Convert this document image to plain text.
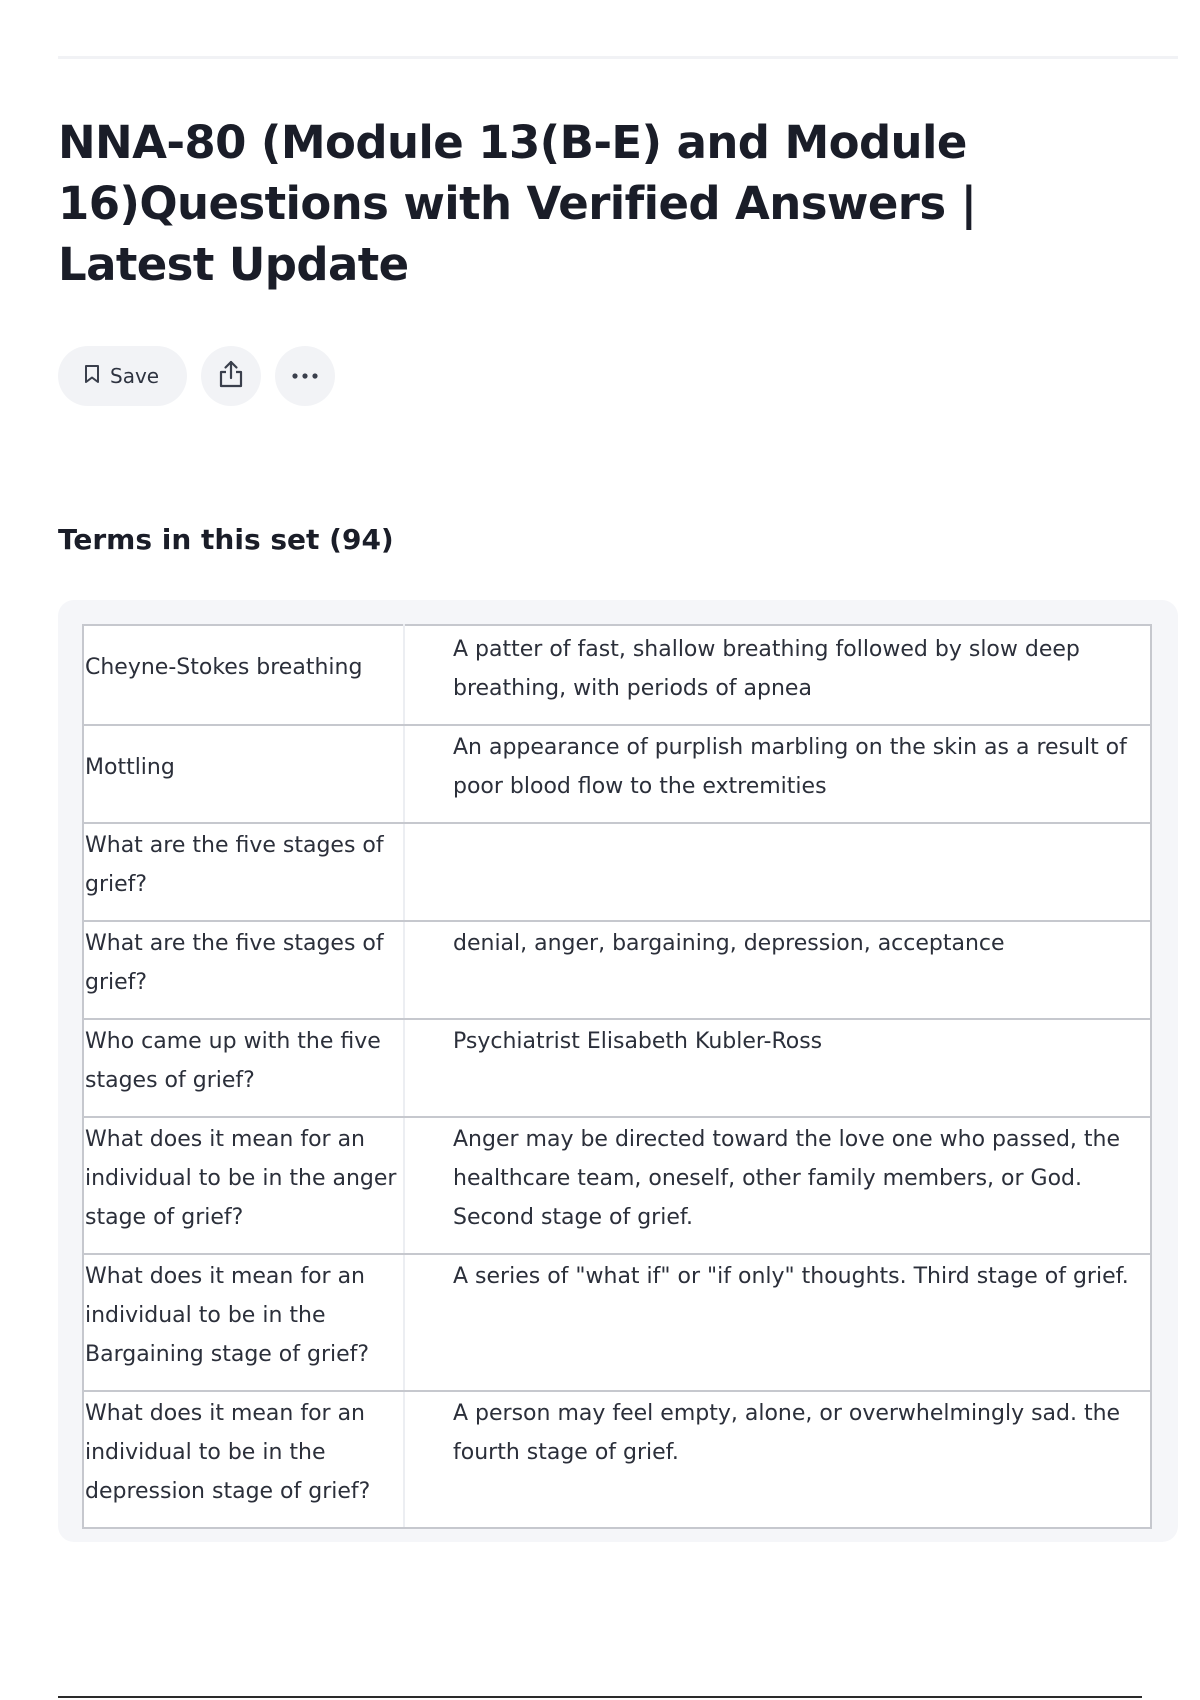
NNA-80 (Module 13(B-E) and Module 16)Questions with Verified Answers | Latest Update
Save
Terms in this set (94)
Cheyne-Stokes breathing	A patter of fast, shallow breathing followed by slow deep breathing, with periods of apnea
Mottling	An appearance of purplish marbling on the skin as a result of poor blood flow to the extremities
What are the five stages of grief?	
What are the five stages of grief?	denial, anger, bargaining, depression, acceptance
Who came up with the five stages of grief?	Psychiatrist Elisabeth Kubler-Ross
What does it mean for an individual to be in the anger stage of grief?	Anger may be directed toward the love one who passed, the healthcare team, oneself, other family members, or God. Second stage of grief.
What does it mean for an individual to be in the Bargaining stage of grief?	A series of "what if" or "if only" thoughts. Third stage of grief.
What does it mean for an individual to be in the depression stage of grief?	A person may feel empty, alone, or overwhelmingly sad. the fourth stage of grief.
